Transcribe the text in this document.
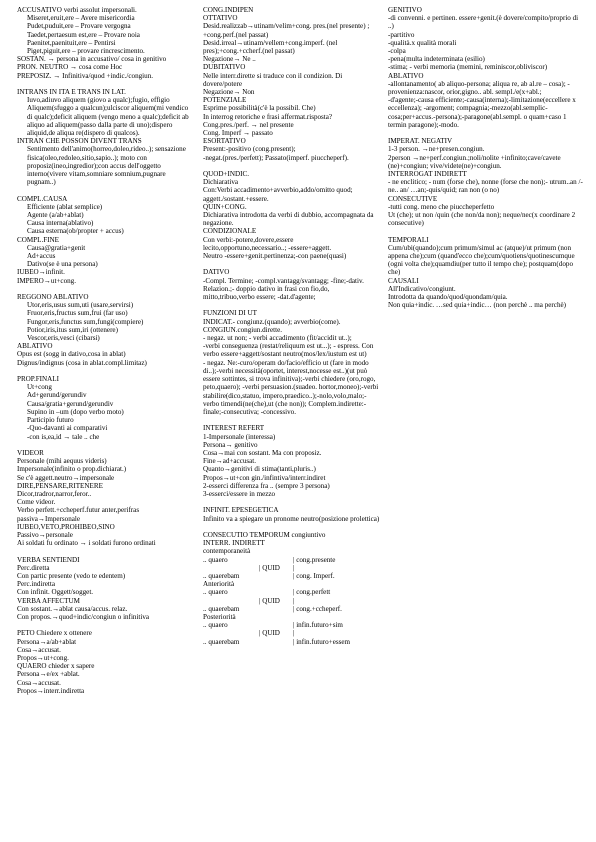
ACCUSATIVO verbi assolut impersonali.
Miseret,eruit,ere – Avere misericordia
Pudet,puduit,ere – Provare vergogna
Taedet,pertaesum est,ere – Provare noia
Paenitet,paenituit,ere – Pentirsi
Piget,piguit,ere – provare rincrescimento.
SOSTAN. → persona in accusativo/ cosa in genitivo
PRON. NEUTRO → cosa come Hoc
PREPOSIZ. → Infinitiva/quod +indic./congiun.
INTRANS IN ITA E TRANS IN LAT.
Iuvo,adiuvo aliquem (giovo a qualc);fugio, effigio Aliquem(sfuggo a qualcun);ulciscor aliquem(mi vendico di qualc);deficit aliquem (vengo meno a qualc);deficit ab aliquo ad aliquem(passo dalla parte di uno);dispero aliquid,de aliqua re(dispero di qualcos).
INTRAN CHE POSSON DIVENT TRANS
Sentimento dell'animo(horreo,doleo,rideo..); sensazione fisica(oleo,redoleo,sitio,sapio..); moto con proposiz(ineo,ingredior);con accus dell'oggetto interno(vivere vitam,somniare somnium,pugnare pugnam..)
COMPL.CAUSA
Efficiente (ablat semplice)
Agente (a/ab+ablat)
Causa interna(ablativo)
Causa esterna(ob/propter + accus)
COMPL.FINE
Causa@gratia+genit
Ad+accus
Dativo(se è una persona)
IUBEO→infinit.
IMPERO→ut+cong.
REGGONO ABLATIVO
Utor,eris,usus sum,uti (usare,servirsi)
Fruor,eris,fructus sum,frui (far uso)
Fungor,eris,functus sum,fungi(compiere)
Potior,iris,itus sum,iri (ottenere)
Vescor,eris,vesci (cibarsi)
ABLATIVO
Opus est (sogg in dativo,cosa in ablat)
Dignus/indignus (cosa in ablat.compl.limitaz)
PROP.FINALI
Ut+cong
Ad+gerund/gerundiv
Causa/gratia+gerund/gerundiv
Supino in –um (dopo verbo moto)
Participio futuro
-Quo-davanti ai comparativi
-con is,ea,id → tale .. che
VIDEOR
Personale (mihi aequus videris)
Impersonale(infinito o prop.dichiarat.)
Se c'è aggett.neutro→impersonale
DIRE,PENSARE,RITENERE
Dicor,tradror,narror,feror..
Come videor.
Verbo perfett.+ccheperf.futur anter,perifras passiva→Impersonale
IUBEO,VETO,PROHIBEO,SINO
Passivo→personale
Ai soldati fu ordinato → i soldati furono ordinati
VERBA SENTIENDI
Perc.diretta
Con partic presente (vedo te edentem)
Perc.indiretta
Con infinit. Oggett/sogget.
VERBA AFFECTUM
Con sostant.→ablat causa/accus. relaz.
Con propos.→quod+indic/congiun o infinitiva
PETO Chiedere x ottenere
Persona→a/ab+ablat
Cosa→accusat.
Propos→ut+cong.
QUAERO chieder x sapere
Persona→e/ex +ablat.
Cosa→accusat.
Propos→interr.indiretta
CONG.INDIPEN
OTTATIVO
Desid.realizzab→utinam/velim+cong. pres.(nel presente) ; +cong.perf.(nel passat)
Desid.irreal→utinam/vellem+cong.imperf. (nel pres);+cong.+ccherf.(nel passat)
Negazione→ Ne ..
DUBITATIVO
Nelle interr.dirette si traduce con il condizion. Di dovere/potere
Negazione→ Non
POTENZIALE
Esprime possibilità(c'è la possibil. Che)
In interrog retoriche e frasi affermat.risposta?
Cong.pres./perf. → nel presente
Cong. Imperf → passato
ESORTATIVO
Present:-positivo (cong.present);
-negat.(pres./perfett); Passato(imperf. piuccheperf).
QUOD+INDIC.
Dichiarativa
Con:Verbi accadimento+avverbio,addo/omitto quod; aggett./sostant.+essere.
QUIN+CONG.
Dichiarativa introdotta da verbi di dubbio, accompagnata da negazione.
CONDIZIONALE
Con verbi:-potere,dovere,essere
lecito,opportuno,necessario..; -essere+aggett.
Neutro -essere+genit.pertinenza;-con paene(quasi)
DATIVO
-Compl. Termine; -compl.vantagg/svantagg; -fine;-dativ. Relazion.;- doppio dativo in frasi con fio,do, mitto,tribuo,verbo essere; -dat.d'agente;
FUNZIONI DI UT
INDICAT.- congiunz.(quando); avverbio(come).
CONGIUN.congiun.dirette.
- negaz. ut non; - verbi accadimento (fit/accidit ut..);
-verbi conseguenza (restat/reliquum est ut...); - espress. Con verbo essere+aggett/sostant neutro(mos/lex/iustum est ut)
- negaz. Ne:-curo/operam do/facio/efficio ut (fare in modo di..);-verbi necessità(oportet, interest,nocesse est..)(ut può essere sottintes, si trova infinitiva);-verbi chiedere (oro,rogo, peto,quaero); -verbi persuasion.(suadeo. hortor,moneo);-verbi stabilire(dico,statuo, impero,praedico..);-nolo,volo,malo;-verbo timendi(ne(che),ut (che non)); Complem.indirette:-finale;-consecutiva; -concessivo.
INTEREST REFERT
1-Impersonale (interessa)
Persona→ genitivo
Cosa→mai con sostant. Ma con proposiz.
Fine→ad+accusat.
Quanto→genitivi di stima(tanti,pluris..)
Propos→ut+con gin./infintiva/interr.indiret
2-esserci differenza fra .. (sempre 3 persona)
3-esserci/essere in mezzo
INFINIT. EPESEGETICA
Infinito va a spiegare un pronome neutro(posizione prolettica)
CONSECUTIO TEMPORUM congiuntivo
INTERR. INDIRETT
contemporaneità
.. quaero	| cong.presente
| QUID	|
.. quaerebam	| cong. Imperf.
Anteriorità
.. quaero	| cong.perfett
| QUID	|
.. quaerebam	| cong.+ccheperf.
Posteriorità
.. quaero	| infin.futuro+sim
| QUID	|
.. quaerebam	| infin.futuro+essem
GENITIVO
-di convenni. e pertinen. essere+genit.(è dovere/compito/proprio di ..)
-partitivo
-qualità.x qualità morali
-colpa
-pena(multa indeterminata (esilio)
-stima; - verbi memoria (memini, reminiscor,obliviscor)
ABLATIVO
-allontanamento( ab aliquo-persona; aliqua re, ab al.re – cosa); - provenienza:nascor, orior,gigno.. abl. sempl./e(x+abl.;
-d'agente;-causa efficiente;-causa(interna);-limitazione(eccellere x eccellenza); -argoment; compagnia;-mezzo(abl.semplic-cosa;per+accus.-persona);-paragone(abl.sempl. o quam+caso 1 termin paragone);-modo.
IMPERAT. NEGATIV
1-3 person. →ne+presen.congiun.
2person →ne+perf.congiun.;noli/nolite +infinito;cave/cavete (ne)+congiun; vive/videte(ne)+congiun.
INTERROGAT INDIRETT
- ne enclitico; - num (forse che), nonne (forse che non);- utrum..an /-ne.. an/ …an;-quis/quid; ran non (o no)
CONSECUTIVE
-tutti cong. meno che piuccheperfetto
Ut (che); ut non /quin (che non/da non); neque/nec(x coordinare 2 consecutive)
TEMPORALI
Cum/ubi(quando);cum primum/simul ac (atque)/ut primum (non appena che);cum (quand'ecco che);cum/quotiens/quotinescumque (ogni volta che);quamdiu(per tutto il tempo che); postquam(dopo che)
CAUSALI
All'Indicativo/congiunt.
Introdotta da quando/quod/quondam/quia.
Non quia+indic. …sed quia+indic… (non perchè .. ma perchè)
